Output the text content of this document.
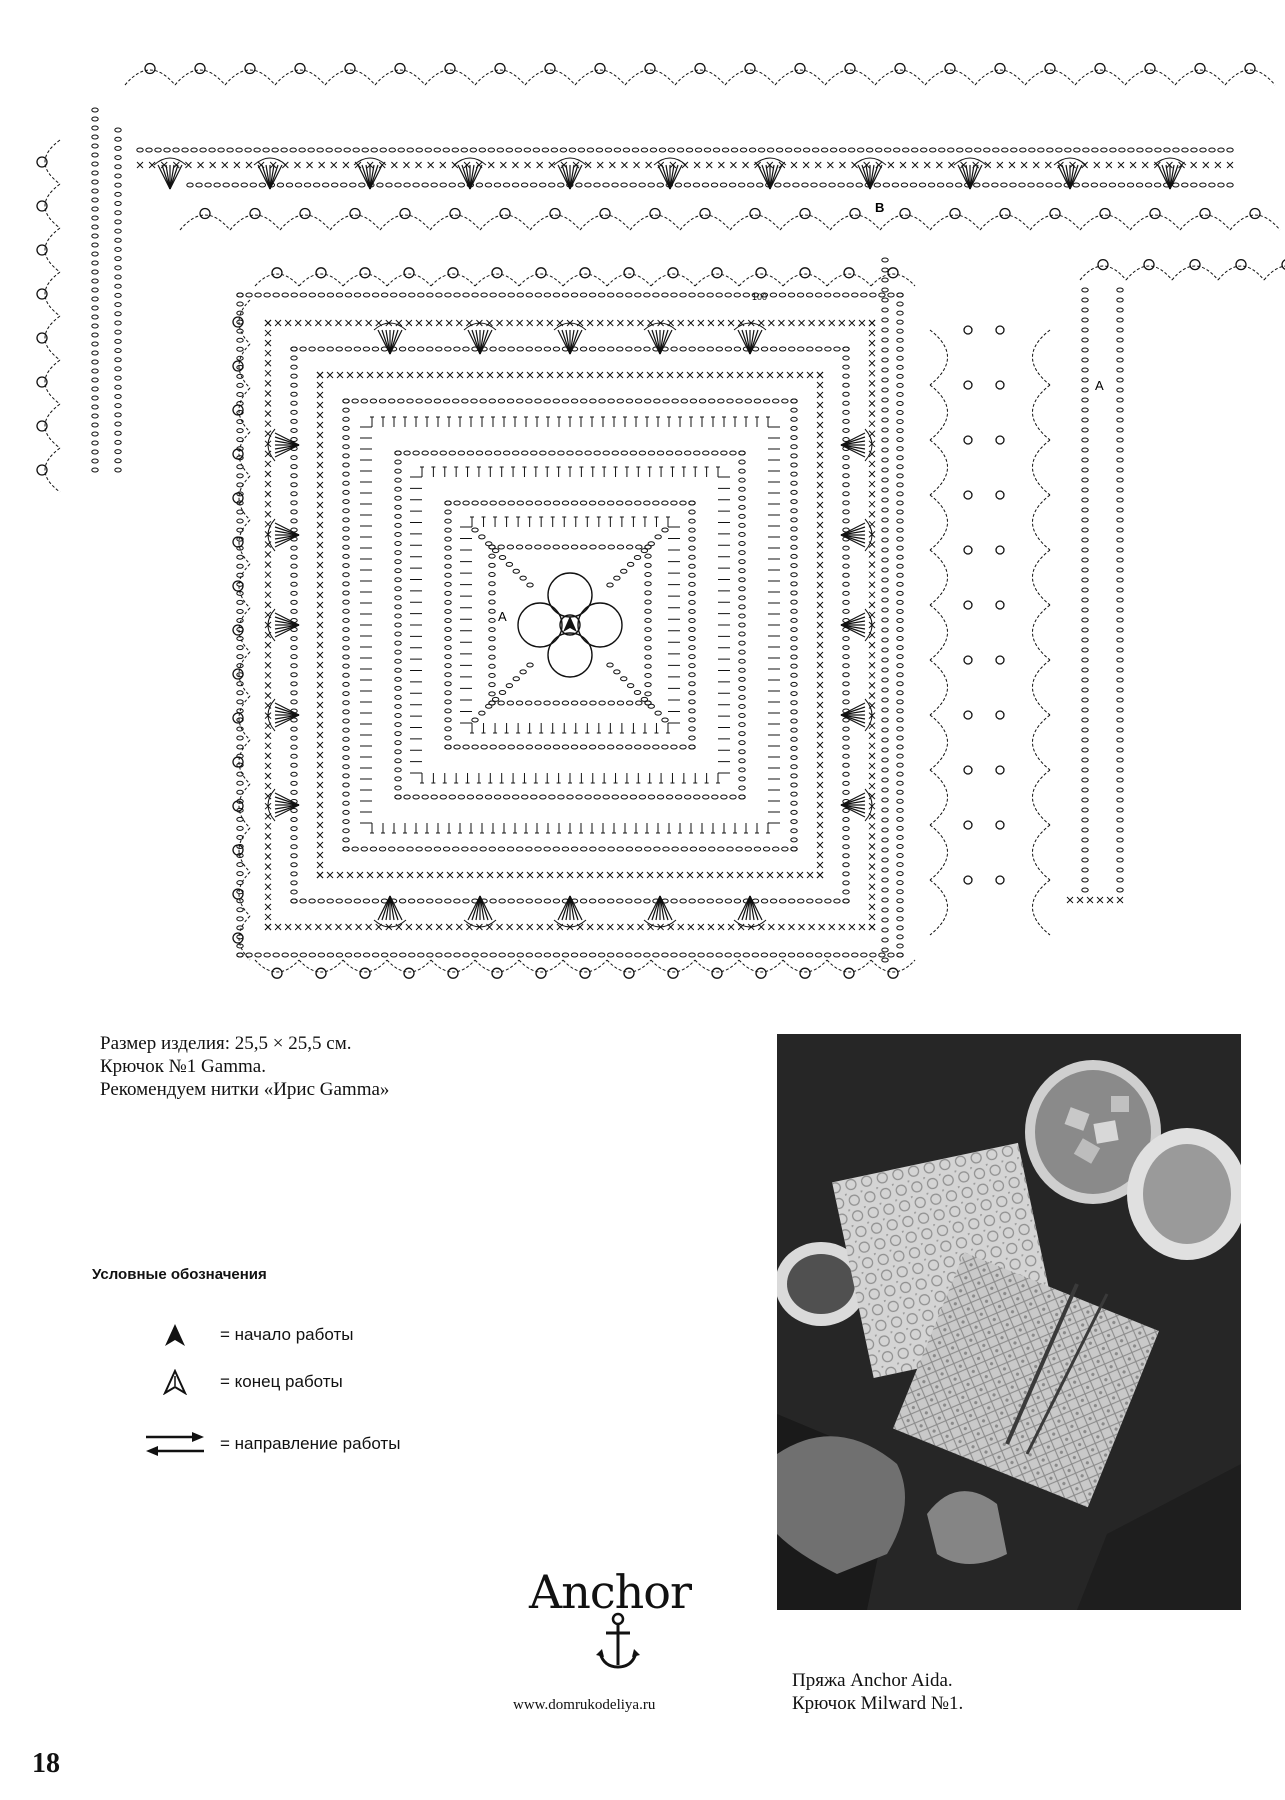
A
A
B
100
Размер изделия: 25,5 × 25,5 см.
Крючок №1 Gamma.
Рекомендуем нитки «Ирис Gamma»
Условные обозначения
= начало работы
= конец работы
= направление работы
Anchor
www.domrukodeliya.ru
Пряжа Anchor Aida.
Крючок Milward №1.
18
